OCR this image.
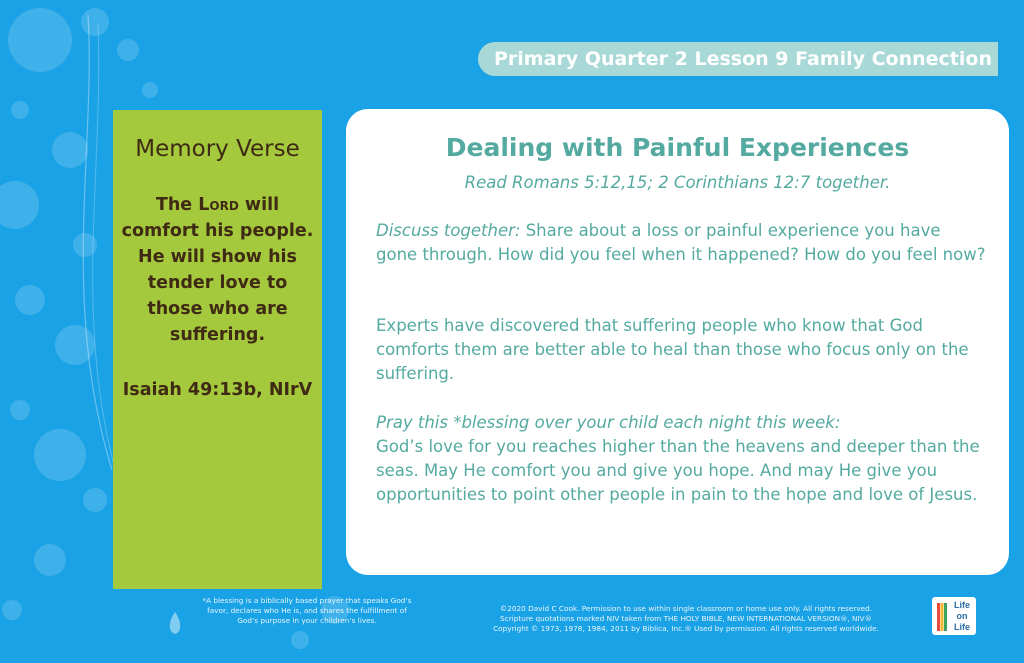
Primary Quarter 2 Lesson 9 Family Connection
Memory Verse
The Lord will comfort his people. He will show his tender love to those who are suffering.
Isaiah 49:13b, NIrV
Dealing with Painful Experiences
Read Romans 5:12,15; 2 Corinthians 12:7 together.
Discuss together: Share about a loss or painful experience you have gone through. How did you feel when it happened? How do you feel now?
Experts have discovered that suffering people who know that God comforts them are better able to heal than those who focus only on the suffering.
Pray this *blessing over your child each night this week:
God’s love for you reaches higher than the heavens and deeper than the seas. May He comfort you and give you hope. And may He give you opportunities to point other people in pain to the hope and love of Jesus.
*A blessing is a biblically based prayer that speaks God’s favor, declares who He is, and shares the fulfillment of God’s purpose in your children’s lives.
©2020 David C Cook. Permission to use within single classroom or home use only. All rights reserved.
Scripture quotations marked NIV taken from THE HOLY BIBLE, NEW INTERNATIONAL VERSION®, NIV®
Copyright © 1973, 1978, 1984, 2011 by Biblica, Inc.® Used by permission. All rights reserved worldwide.
Life
on
Life
